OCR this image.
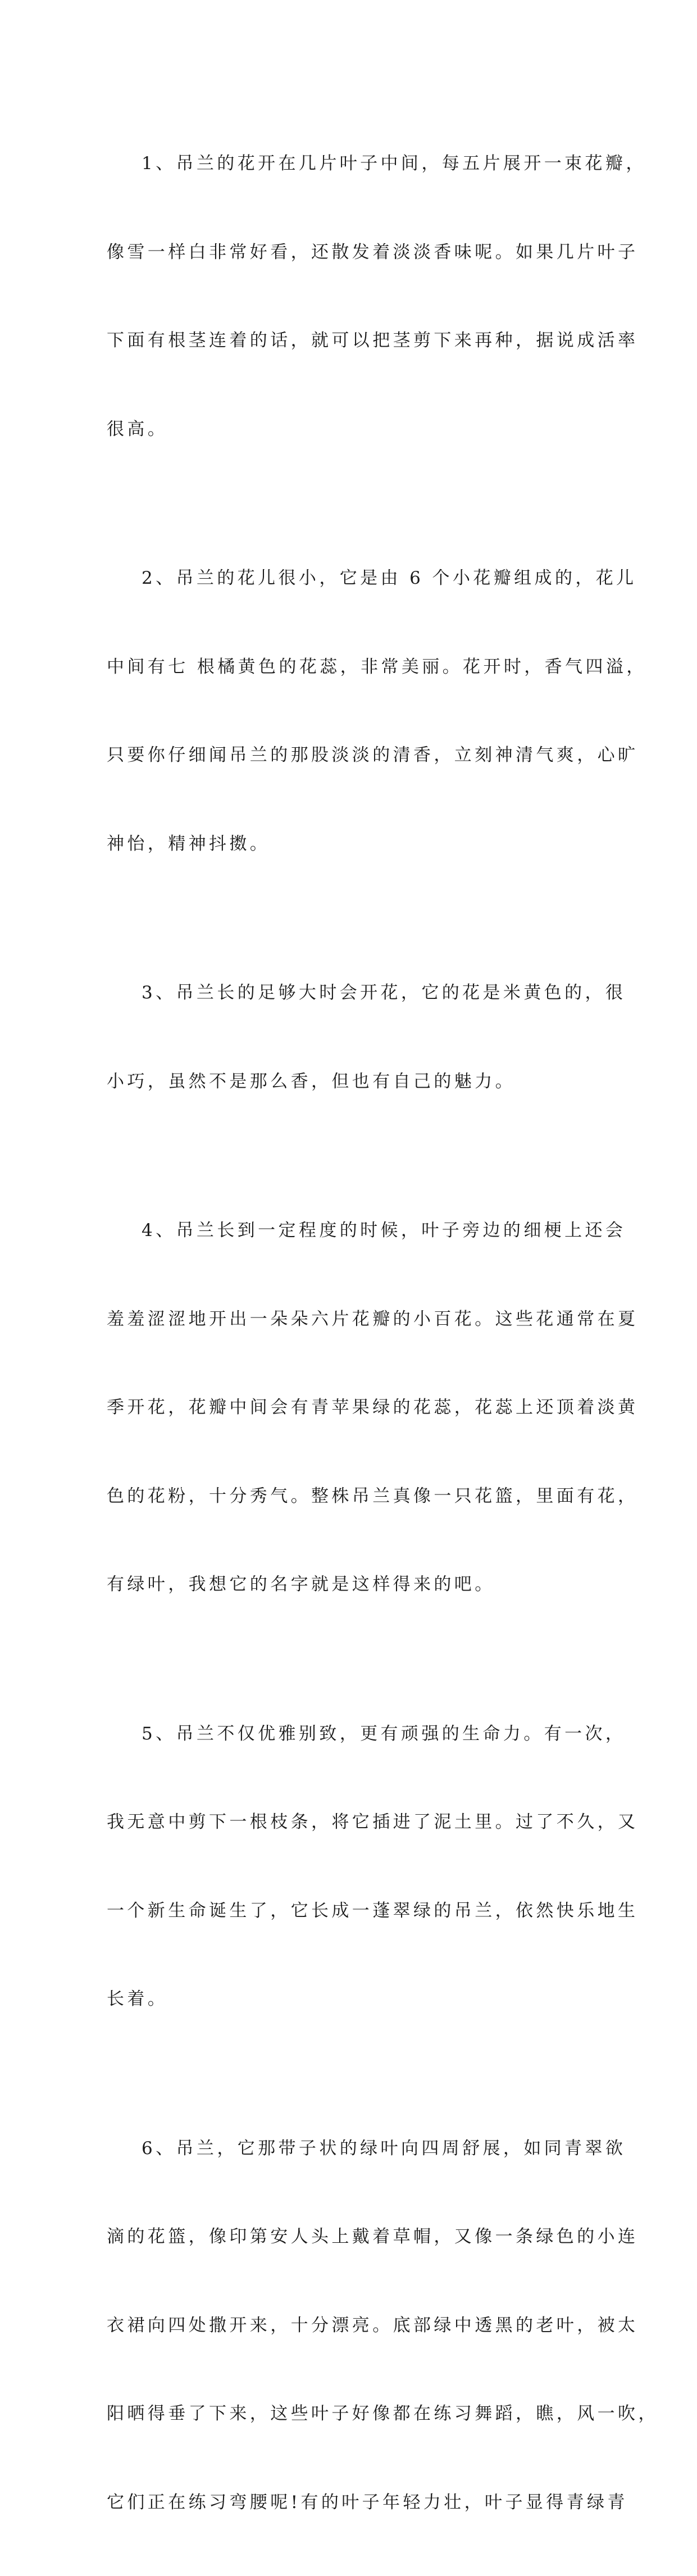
1、吊兰的花开在几片叶子中间，每五片展开一束花瓣，

像雪一样白非常好看，还散发着淡淡香味呢。如果几片叶子

下面有根茎连着的话，就可以把茎剪下来再种，据说成活率

很高。

2、吊兰的花儿很小，它是由 6 个小花瓣组成的，花儿

中间有七 根橘黄色的花蕊，非常美丽。花开时，香气四溢，

只要你仔细闻吊兰的那股淡淡的清香，立刻神清气爽，心旷

神怡，精神抖擞。

3、吊兰长的足够大时会开花，它的花是米黄色的，很

小巧，虽然不是那么香，但也有自己的魅力。

4、吊兰长到一定程度的时候，叶子旁边的细梗上还会

羞羞涩涩地开出一朵朵六片花瓣的小百花。这些花通常在夏

季开花，花瓣中间会有青苹果绿的花蕊，花蕊上还顶着淡黄

色的花粉，十分秀气。整株吊兰真像一只花篮，里面有花，

有绿叶，我想它的名字就是这样得来的吧。

5、吊兰不仅优雅别致，更有顽强的生命力。有一次，

我无意中剪下一根枝条，将它插进了泥土里。过了不久，又

一个新生命诞生了，它长成一蓬翠绿的吊兰，依然快乐地生

长着。

6、吊兰，它那带子状的绿叶向四周舒展，如同青翠欲

滴的花篮，像印第安人头上戴着草帽，又像一条绿色的小连

衣裙向四处撒开来，十分漂亮。底部绿中透黑的老叶，被太

阳晒得垂了下来，这些叶子好像都在练习舞蹈，瞧，风一吹，

它们正在练习弯腰呢!有的叶子年轻力壮，叶子显得青绿青
